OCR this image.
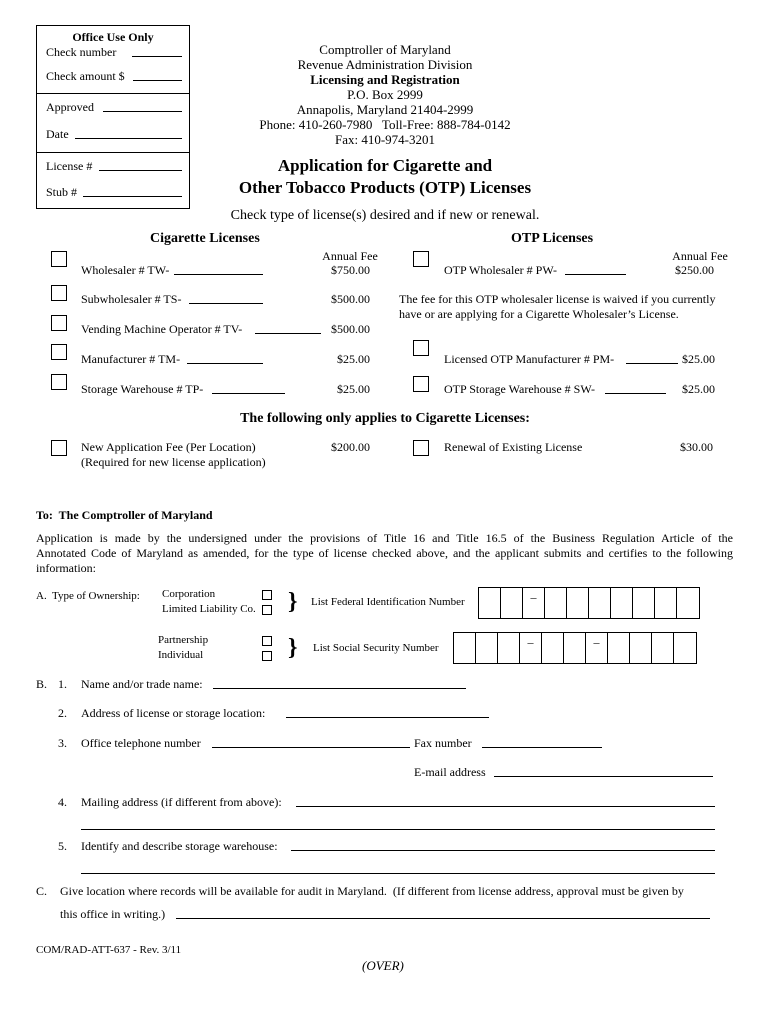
Office Use Only
Check number
Check amount $
Approved
Date
License #
Stub #
Comptroller of Maryland
Revenue Administration Division
Licensing and Registration
P.O. Box 2999
Annapolis, Maryland 21404-2999
Phone: 410-260-7980   Toll-Free: 888-784-0142
Fax: 410-974-3201
Application for Cigarette and
Other Tobacco Products (OTP) Licenses
Check type of license(s) desired and if new or renewal.
Cigarette Licenses	OTP Licenses
Annual Fee
Wholesaler # TW-	$750.00
Subwholesaler # TS-	$500.00
Vending Machine Operator # TV-	$500.00
Manufacturer # TM-	$25.00
Storage Warehouse # TP-	$25.00
Annual Fee
OTP Wholesaler # PW-	$250.00
The fee for this OTP wholesaler license is waived if you currently
have or are applying for a Cigarette Wholesaler’s License.
Licensed OTP Manufacturer # PM-	$25.00
OTP Storage Warehouse # SW-	$25.00
The following only applies to Cigarette Licenses:
New Application Fee (Per Location)
(Required for new license application)
$200.00	Renewal of Existing License	$30.00
To:  The Comptroller of Maryland
Application is made by the undersigned under the provisions of Title 16 and Title 16.5 of the Business Regulation Article of the
Annotated Code of Maryland as amended, for the type of license checked above, and the applicant submits and certifies to the following
information:
A.  Type of Ownership: Corporation
Limited Liability Co. } List Federal Identification Number	–
Partnership
Individual	} List Social Security Number	–	–
B. 1. Name and/or trade name:
2. Address of license or storage location:
3. Office telephone number	Fax number
E-mail address
4. Mailing address (if different from above):
5. Identify and describe storage warehouse:
C. Give location where records will be available for audit in Maryland.  (If different from license address, approval must be given by
this office in writing.)
COM/RAD-ATT-637 - Rev. 3/11
(OVER)
